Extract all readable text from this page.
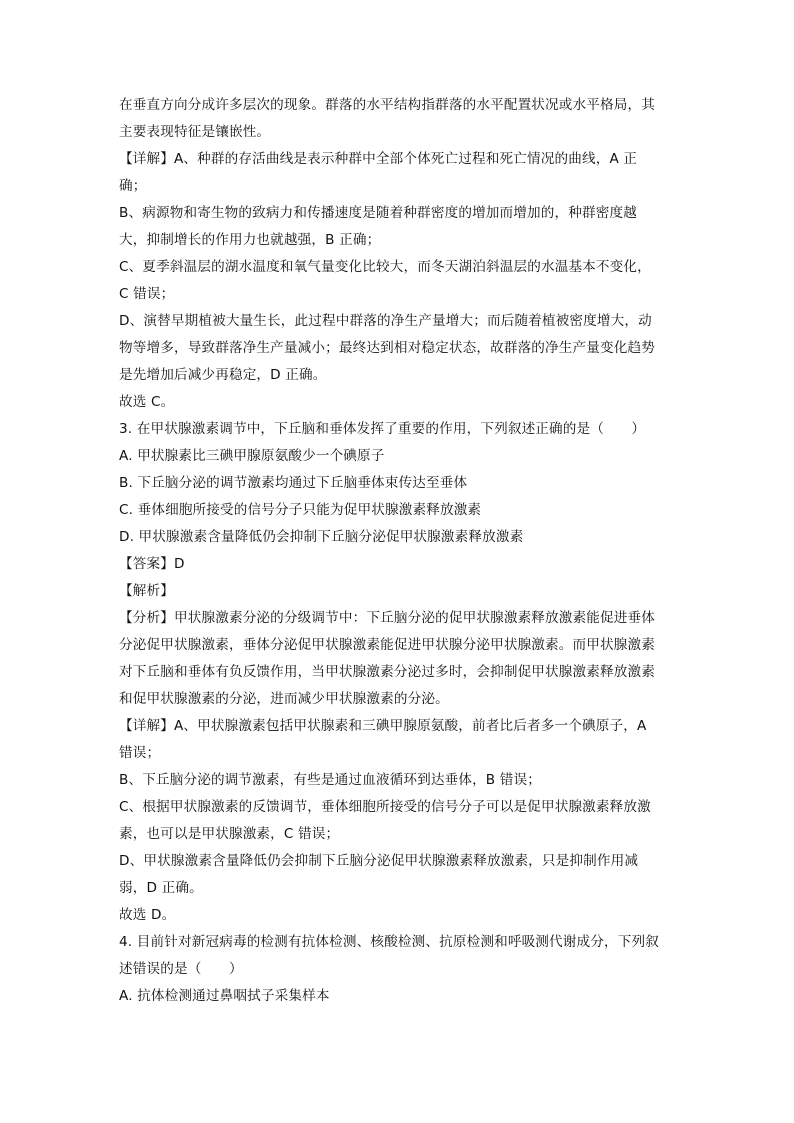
在垂直方向分成许多层次的现象。群落的水平结构指群落的水平配置状况或水平格局，其
主要表现特征是镶嵌性。
【详解】A、种群的存活曲线是表示种群中全部个体死亡过程和死亡情况的曲线，A 正
确；
B、病源物和寄生物的致病力和传播速度是随着种群密度的增加而增加的，种群密度越
大，抑制增长的作用力也就越强，B 正确；
C、夏季斜温层的湖水温度和氧气量变化比较大，而冬天湖泊斜温层的水温基本不变化，
C 错误；
D、演替早期植被大量生长，此过程中群落的净生产量增大；而后随着植被密度增大，动
物等增多，导致群落净生产量减小；最终达到相对稳定状态，故群落的净生产量变化趋势
是先增加后减少再稳定，D 正确。
故选 C。
3. 在甲状腺激素调节中，下丘脑和垂体发挥了重要的作用，下列叙述正确的是（　　）
A. 甲状腺素比三碘甲腺原氨酸少一个碘原子
B. 下丘脑分泌的调节激素均通过下丘脑垂体束传达至垂体
C. 垂体细胞所接受的信号分子只能为促甲状腺激素释放激素
D. 甲状腺激素含量降低仍会抑制下丘脑分泌促甲状腺激素释放激素
【答案】D
【解析】
【分析】甲状腺激素分泌的分级调节中：下丘脑分泌的促甲状腺激素释放激素能促进垂体
分泌促甲状腺激素，垂体分泌促甲状腺激素能促进甲状腺分泌甲状腺激素。而甲状腺激素
对下丘脑和垂体有负反馈作用，当甲状腺激素分泌过多时，会抑制促甲状腺激素释放激素
和促甲状腺激素的分泌，进而减少甲状腺激素的分泌。
【详解】A、甲状腺激素包括甲状腺素和三碘甲腺原氨酸，前者比后者多一个碘原子，A
错误；
B、下丘脑分泌的调节激素，有些是通过血液循环到达垂体，B 错误；
C、根据甲状腺激素的反馈调节，垂体细胞所接受的信号分子可以是促甲状腺激素释放激
素，也可以是甲状腺激素，C 错误；
D、甲状腺激素含量降低仍会抑制下丘脑分泌促甲状腺激素释放激素，只是抑制作用减
弱，D 正确。
故选 D。
4. 目前针对新冠病毒的检测有抗体检测、核酸检测、抗原检测和呼吸测代谢成分，下列叙
述错误的是（　　）
A. 抗体检测通过鼻咽拭子采集样本
